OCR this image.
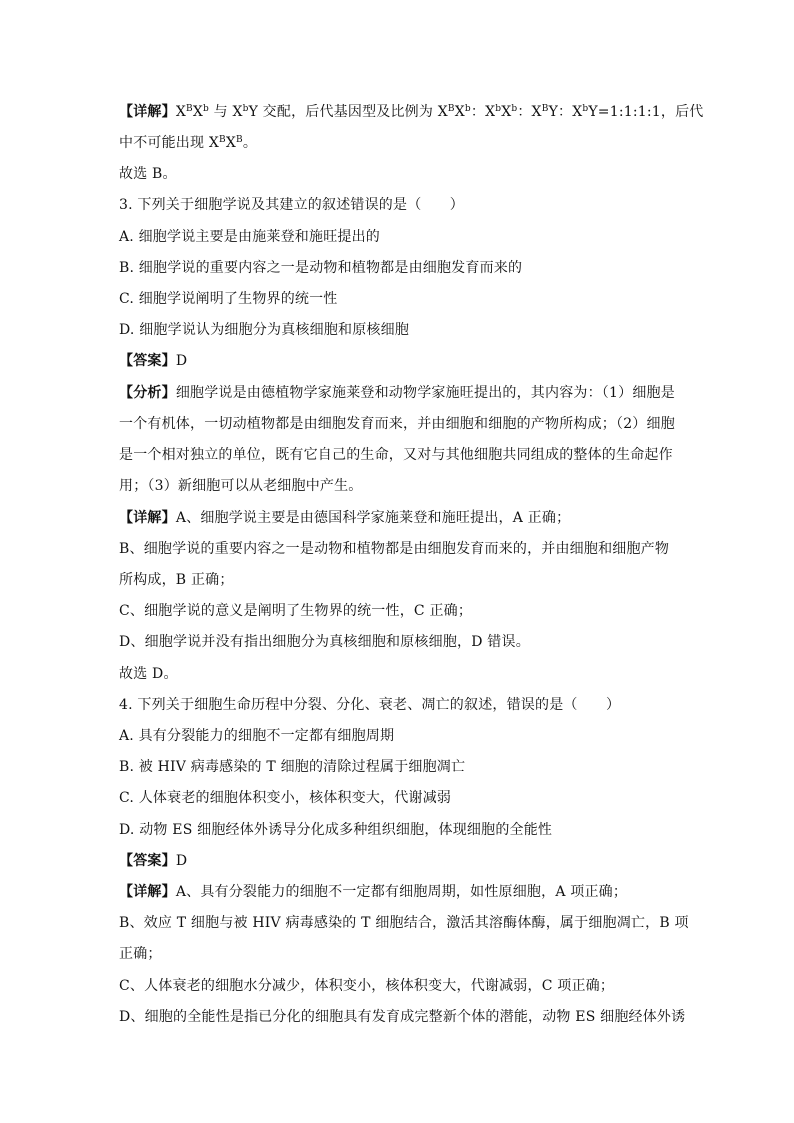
【详解】$X^BX^b$ 与 $X^bY$ 交配，后代基因型及比例为 $X^BX^b$：$X^bX^b$：$X^BY$：$X^bY=1:1:1:1$，后代
中不可能出现 $X^BX^B$。
故选 B。
3. 下列关于细胞学说及其建立的叙述错误的是（　　）
A. 细胞学说主要是由施莱登和施旺提出的
B. 细胞学说的重要内容之一是动物和植物都是由细胞发育而来的
C. 细胞学说阐明了生物界的统一性
D. 细胞学说认为细胞分为真核细胞和原核细胞
【答案】D
【分析】细胞学说是由德植物学家施莱登和动物学家施旺提出的，其内容为：（1）细胞是
一个有机体，一切动植物都是由细胞发育而来，并由细胞和细胞的产物所构成；（2）细胞
是一个相对独立的单位，既有它自己的生命，又对与其他细胞共同组成的整体的生命起作
用；（3）新细胞可以从老细胞中产生。
【详解】A、细胞学说主要是由德国科学家施莱登和施旺提出，A 正确；
B、细胞学说的重要内容之一是动物和植物都是由细胞发育而来的，并由细胞和细胞产物
所构成，B 正确；
C、细胞学说的意义是阐明了生物界的统一性，C 正确；
D、细胞学说并没有指出细胞分为真核细胞和原核细胞，D 错误。
故选 D。
4. 下列关于细胞生命历程中分裂、分化、衰老、凋亡的叙述，错误的是（　　）
A. 具有分裂能力的细胞不一定都有细胞周期
B. 被 HIV 病毒感染的 T 细胞的清除过程属于细胞凋亡
C. 人体衰老的细胞体积变小，核体积变大，代谢减弱
D. 动物 ES 细胞经体外诱导分化成多种组织细胞，体现细胞的全能性
【答案】D
【详解】A、具有分裂能力的细胞不一定都有细胞周期，如性原细胞，A 项正确；
B、效应 T 细胞与被 HIV 病毒感染的 T 细胞结合，激活其溶酶体酶，属于细胞凋亡，B 项
正确；
C、人体衰老的细胞水分减少，体积变小，核体积变大，代谢减弱，C 项正确；
D、细胞的全能性是指已分化的细胞具有发育成完整新个体的潜能，动物 ES 细胞经体外诱
